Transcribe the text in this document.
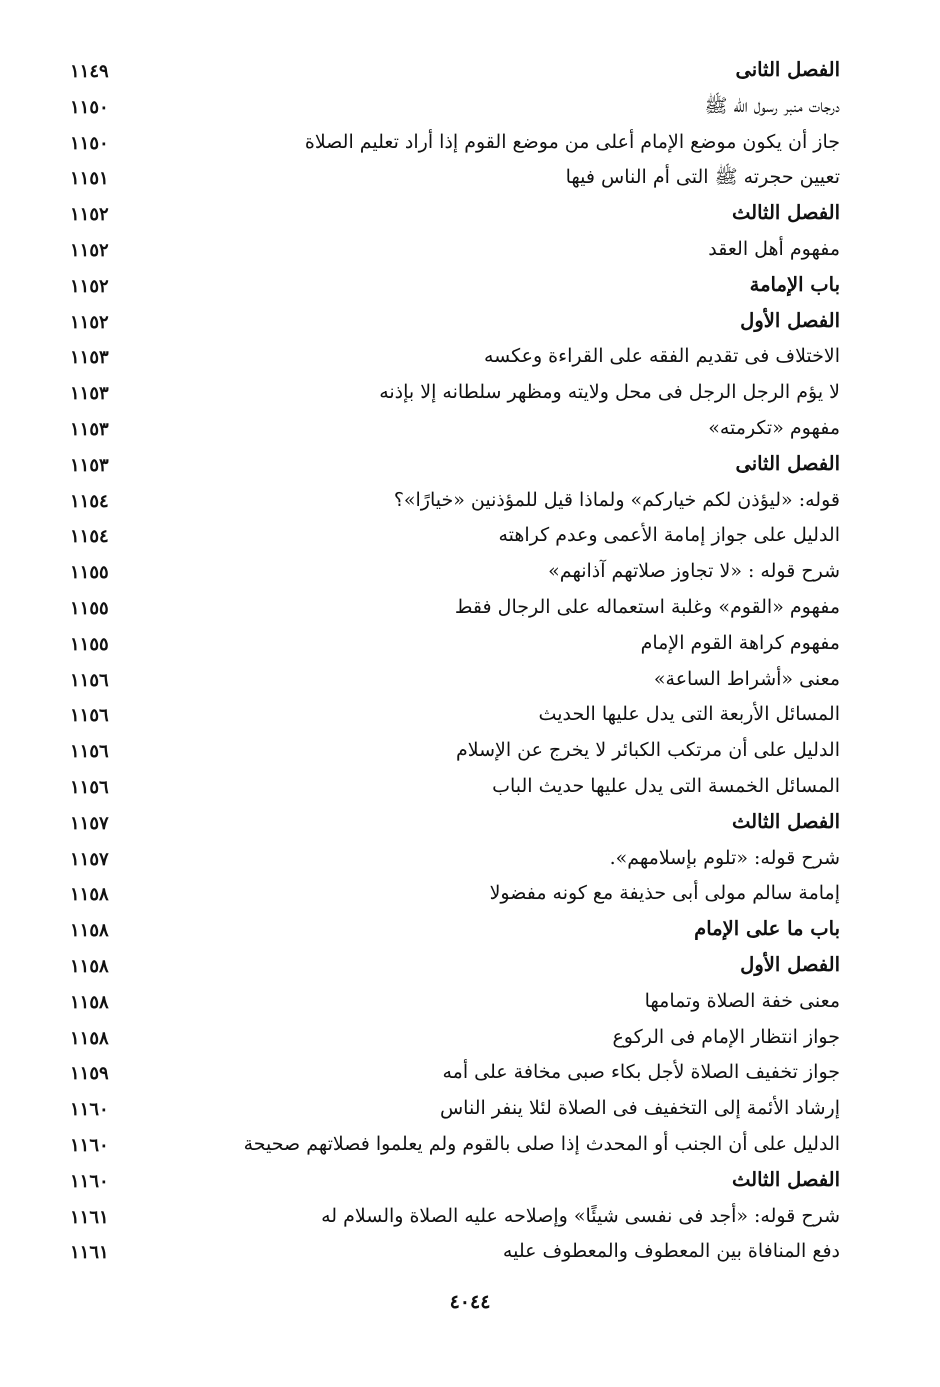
الفصل الثانى
١١٤٩
درجات منبر رسول الله ﷺ
١١٥٠
جاز أن يكون موضع الإمام أعلى من موضع القوم إذا أراد تعليم الصلاة
١١٥٠
تعيين حجرته ﷺ التى أم الناس فيها
١١٥١
الفصل الثالث
١١٥٢
مفهوم أهل العقد
١١٥٢
باب الإمامة
١١٥٢
الفصل الأول
١١٥٢
الاختلاف فى تقديم الفقه على القراءة وعكسه
١١٥٣
لا يؤم الرجل الرجل فى محل ولايته ومظهر سلطانه إلا بإذنه
١١٥٣
مفهوم «تكرمته»
١١٥٣
الفصل الثانى
١١٥٣
قوله: «ليؤذن لكم خياركم» ولماذا قيل للمؤذنين «خيارًا»؟
١١٥٤
الدليل على جواز إمامة الأعمى وعدم كراهته
١١٥٤
شرح قوله : «لا تجاوز صلاتهم آذانهم»
١١٥٥
مفهوم «القوم» وغلبة استعماله على الرجال فقط
١١٥٥
مفهوم كراهة القوم الإمام
١١٥٥
معنى «أشراط الساعة»
١١٥٦
المسائل الأربعة التى يدل عليها الحديث
١١٥٦
الدليل على أن مرتكب الكبائر لا يخرج عن الإسلام
١١٥٦
المسائل الخمسة التى يدل عليها حديث الباب
١١٥٦
الفصل الثالث
١١٥٧
شرح قوله: «تلوم بإسلامهم».
١١٥٧
إمامة سالم مولى أبى حذيفة مع كونه مفضولا
١١٥٨
باب ما على الإمام
١١٥٨
الفصل الأول
١١٥٨
معنى خفة الصلاة وتمامها
١١٥٨
جواز انتظار الإمام فى الركوع
١١٥٨
جواز تخفيف الصلاة لأجل بكاء صبى مخافة على أمه
١١٥٩
إرشاد الأئمة إلى التخفيف فى الصلاة لئلا ينفر الناس
١١٦٠
الدليل على أن الجنب أو المحدث إذا صلى بالقوم ولم يعلموا فصلاتهم صحيحة
١١٦٠
الفصل الثالث
١١٦٠
شرح قوله: «أجد فى نفسى شيئًا» وإصلاحه عليه الصلاة والسلام له
١١٦١
دفع المنافاة بين المعطوف والمعطوف عليه
١١٦١
٤٠٤٤
